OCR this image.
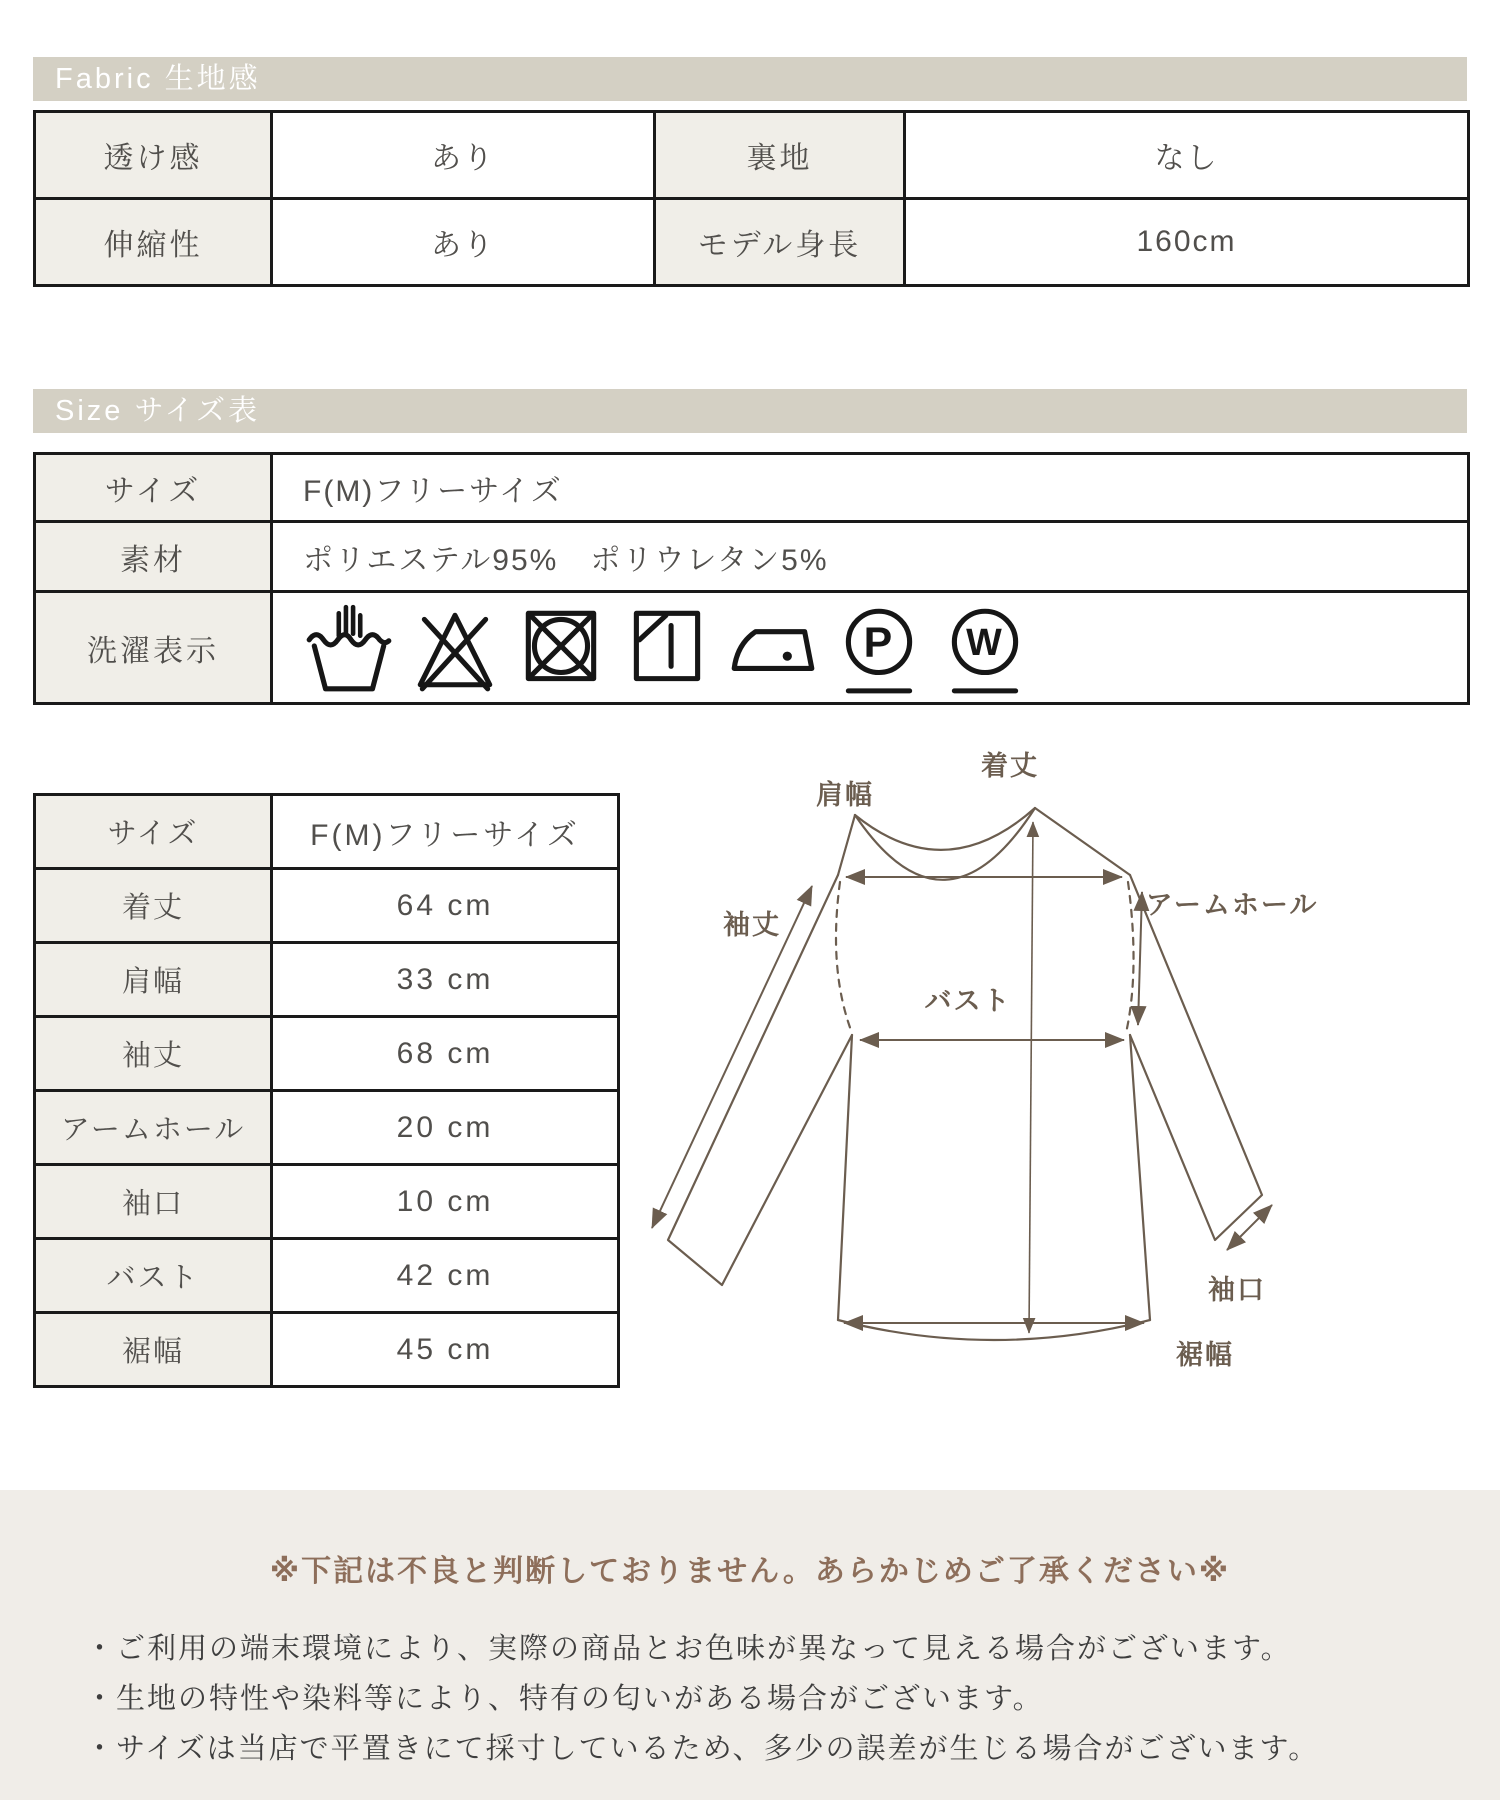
Fabric 生地感
透け感	あり	裏地	なし
伸縮性	あり	モデル身長	160cm
Size サイズ表
サイズ	F(M)フリーサイズ
素材	ポリエステル95%　ポリウレタン5%
洗濯表示	P W
サイズ	F(M)フリーサイズ
着丈	64 cm
肩幅	33 cm
袖丈	68 cm
アームホール	20 cm
袖口	10 cm
バスト	42 cm
裾幅	45 cm
着丈
肩幅
袖丈
アームホール
バスト
袖口
裾幅
※下記は不良と判断しておりません。あらかじめご了承ください※
・ご利用の端末環境により、実際の商品とお色味が異なって見える場合がございます。
・生地の特性や染料等により、特有の匂いがある場合がございます。
・サイズは当店で平置きにて採寸しているため、多少の誤差が生じる場合がございます。
